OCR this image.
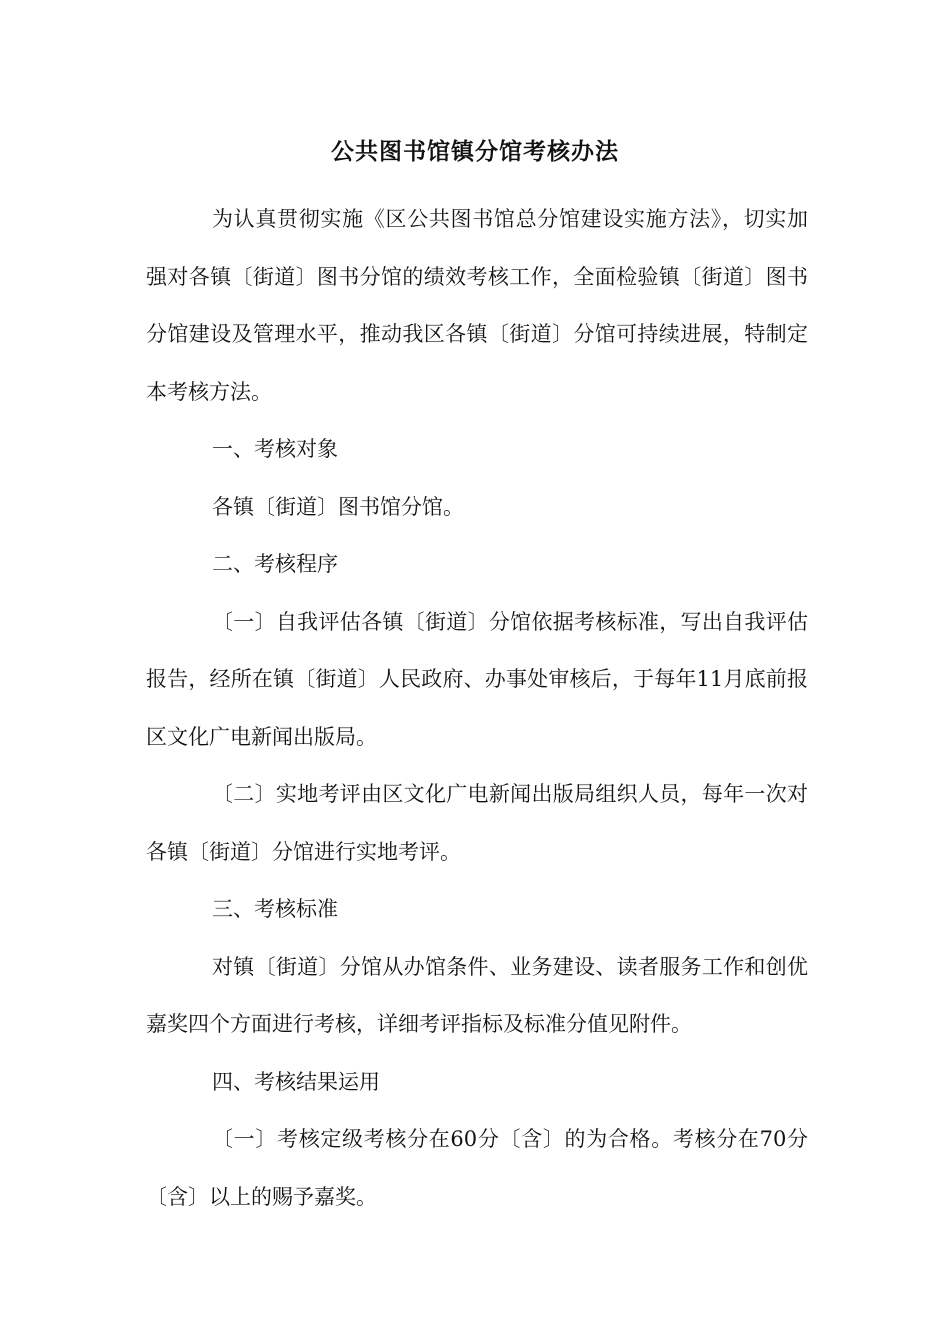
公共图书馆镇分馆考核办法

为认真贯彻实施《区公共图书馆总分馆建设实施方法》，切实加强对各镇〔街道〕图书分馆的绩效考核工作，全面检验镇〔街道〕图书分馆建设及管理水平，推动我区各镇〔街道〕分馆可持续进展，特制定本考核方法。

一、考核对象

各镇〔街道〕图书馆分馆。

二、考核程序

〔一〕自我评估各镇〔街道〕分馆依据考核标准，写出自我评估报告，经所在镇〔街道〕人民政府、办事处审核后，于每年11月底前报区文化广电新闻出版局。

〔二〕实地考评由区文化广电新闻出版局组织人员，每年一次对各镇〔街道〕分馆进行实地考评。

三、考核标准

对镇〔街道〕分馆从办馆条件、业务建设、读者服务工作和创优嘉奖四个方面进行考核，详细考评指标及标准分值见附件。

四、考核结果运用

〔一〕考核定级考核分在60分〔含〕的为合格。考核分在70分〔含〕以上的赐予嘉奖。
